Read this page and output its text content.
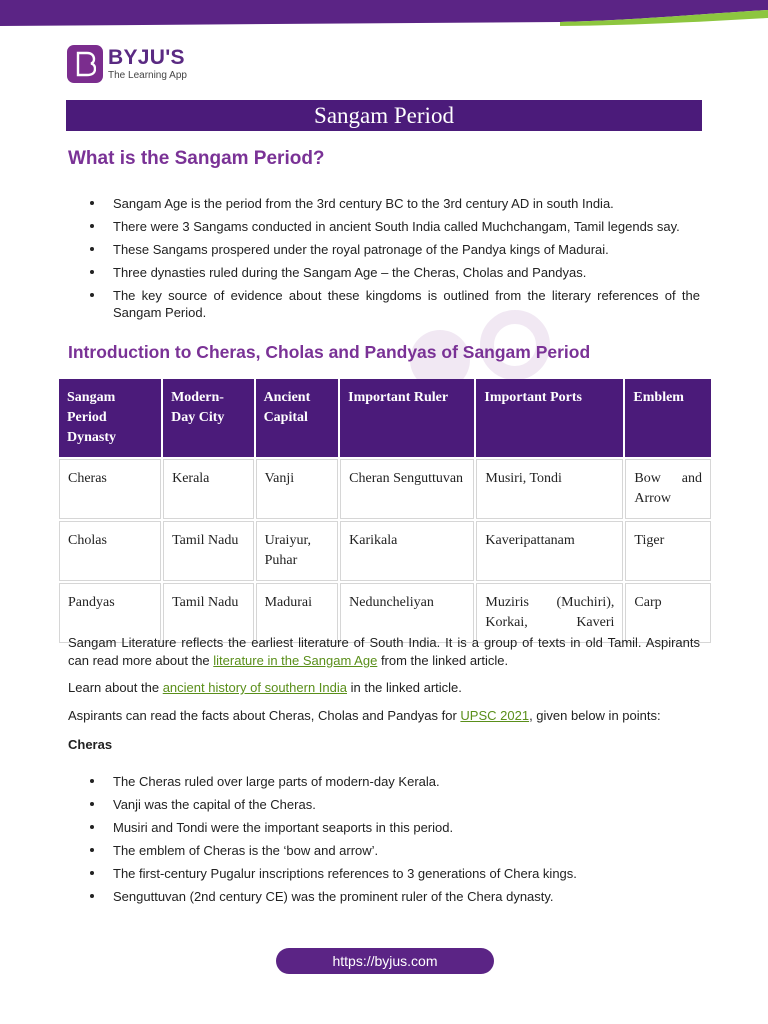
BYJU'S
The Learning App
Sangam Period
What is the Sangam Period?
Sangam Age is the period from the 3rd century BC to the 3rd century AD in south India.
There were 3 Sangams conducted in ancient South India called Muchchangam, Tamil legends say.
These Sangams prospered under the royal patronage of the Pandya kings of Madurai.
Three dynasties ruled during the Sangam Age – the Cheras, Cholas and Pandyas.
The key source of evidence about these kingdoms is outlined from the literary references of the Sangam Period.
Introduction to Cheras, Cholas and Pandyas of Sangam Period
Sangam Period Dynasty	Modern-Day City	Ancient Capital	Important Ruler	Important Ports	Emblem
Cheras	Kerala	Vanji	Cheran Senguttuvan	Musiri, Tondi	Bow and Arrow
Cholas	Tamil Nadu	Uraiyur, Puhar	Karikala	Kaveripattanam	Tiger
Pandyas	Tamil Nadu	Madurai	Neduncheliyan	Muziris (Muchiri), Korkai, Kaveri	Carp
Sangam Literature reflects the earliest literature of South India. It is a group of texts in old Tamil. Aspirants can read more about the literature in the Sangam Age from the linked article.
Learn about the ancient history of southern India in the linked article.
Aspirants can read the facts about Cheras, Cholas and Pandyas for UPSC 2021, given below in points:
Cheras
The Cheras ruled over large parts of modern-day Kerala.
Vanji was the capital of the Cheras.
Musiri and Tondi were the important seaports in this period.
The emblem of Cheras is the ‘bow and arrow’.
The first-century Pugalur inscriptions references to 3 generations of Chera kings.
Senguttuvan (2nd century CE) was the prominent ruler of the Chera dynasty.
https://byjus.com
